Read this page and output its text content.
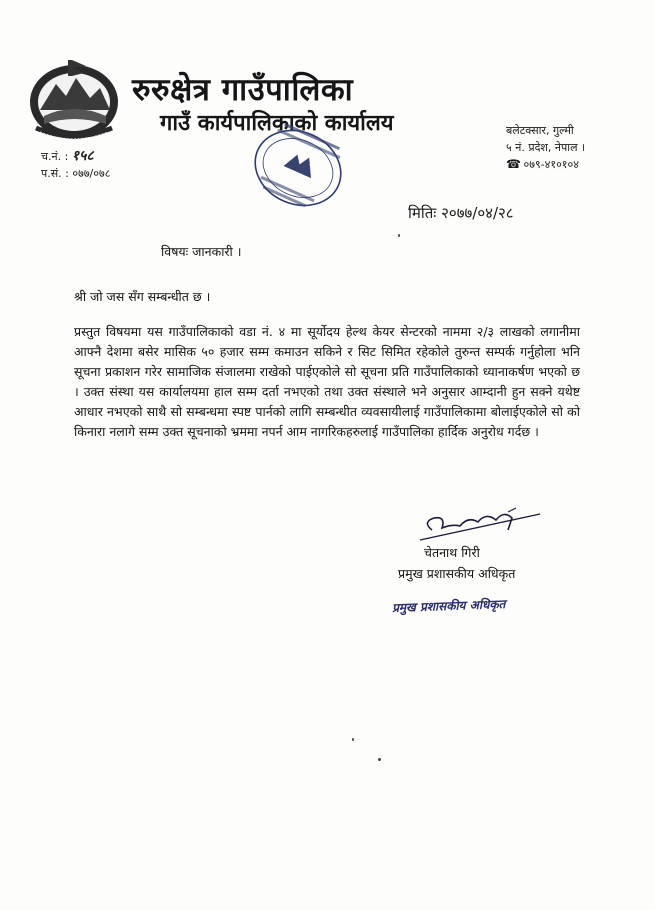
रुरुक्षेत्र गाउँपालिका
गाउँ कार्यपालिकाको कार्यालय	बलेटक्सार, गुल्मी
५ नं. प्रदेश, नेपाल ।
☎ ०७९-४१०१०४
च.नं. : १५८
प.सं. : ०७७/०७८
मितिः २०७७/०४/२८
विषयः जानकारी ।
श्री जो जस सँग सम्बन्धीत छ ।
प्रस्तुत विषयमा यस गाउँपालिकाको वडा नं. ४ मा सूर्योदय हेल्थ केयर सेन्टरको नाममा २/३ लाखको लगानीमा आफ्नै देशमा बसेर मासिक ५० हजार सम्म कमाउन सकिने र सिट सिमित रहेकोले तुरुन्त सम्पर्क गर्नुहोला भनि सूचना प्रकाशन गरेर सामाजिक संजालमा राखेको पाईएकोले सो सूचना प्रति गाउँपालिकाको ध्यानाकर्षण भएको छ । उक्त संस्था यस कार्यालयमा हाल सम्म दर्ता नभएको तथा उक्त संस्थाले भने अनुसार आम्दानी हुन सक्ने यथेष्ट आधार नभएको साथै सो सम्बन्धमा स्पष्ट पार्नको लागि सम्बन्धीत व्यवसायीलाई गाउँपालिकामा बोलाईएकोले सो को किनारा नलागे सम्म उक्त सूचनाको भ्रममा नपर्न आम नागरिकहरुलाई गाउँपालिका हार्दिक अनुरोध गर्दछ ।
चेतनाथ गिरी
प्रमुख प्रशासकीय अधिकृत
प्रमुख प्रशासकीय अधिकृत
